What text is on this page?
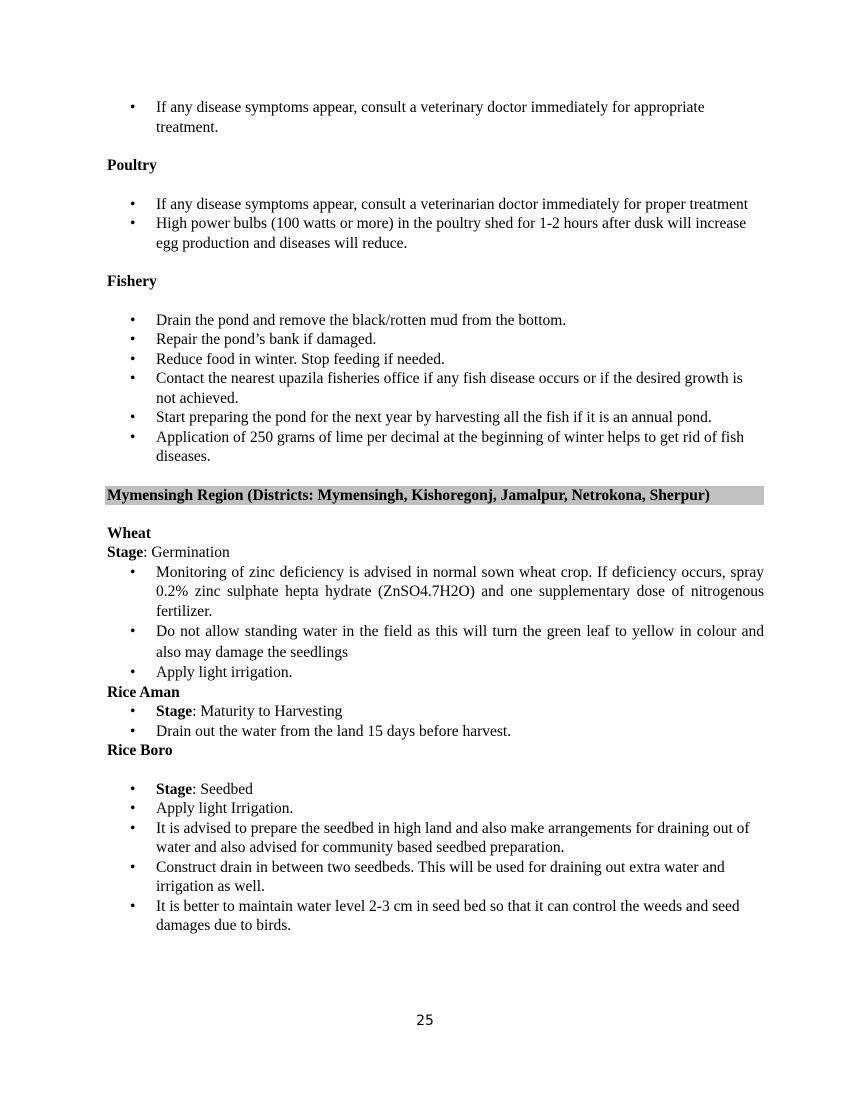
• If any disease symptoms appear, consult a veterinary doctor immediately for appropriate treatment.
Poultry
• If any disease symptoms appear, consult a veterinarian doctor immediately for proper treatment
• High power bulbs (100 watts or more) in the poultry shed for 1-2 hours after dusk will increase egg production and diseases will reduce.
Fishery
• Drain the pond and remove the black/rotten mud from the bottom.
• Repair the pond’s bank if damaged.
• Reduce food in winter. Stop feeding if needed.
• Contact the nearest upazila fisheries office if any fish disease occurs or if the desired growth is not achieved.
• Start preparing the pond for the next year by harvesting all the fish if it is an annual pond.
• Application of 250 grams of lime per decimal at the beginning of winter helps to get rid of fish diseases.
Mymensingh Region (Districts: Mymensingh, Kishoregonj, Jamalpur, Netrokona, Sherpur)
Wheat
Stage: Germination
• Monitoring of zinc deficiency is advised in normal sown wheat crop. If deficiency occurs, spray 0.2% zinc sulphate hepta hydrate (ZnSO4.7H2O) and one supplementary dose of nitrogenous fertilizer.
• Do not allow standing water in the field as this will turn the green leaf to yellow in colour and also may damage the seedlings
• Apply light irrigation.
Rice Aman
• Stage: Maturity to Harvesting
• Drain out the water from the land 15 days before harvest.
Rice Boro
• Stage: Seedbed
• Apply light Irrigation.
• It is advised to prepare the seedbed in high land and also make arrangements for draining out of water and also advised for community based seedbed preparation.
• Construct drain in between two seedbeds. This will be used for draining out extra water and irrigation as well.
• It is better to maintain water level 2-3 cm in seed bed so that it can control the weeds and seed damages due to birds.
25
